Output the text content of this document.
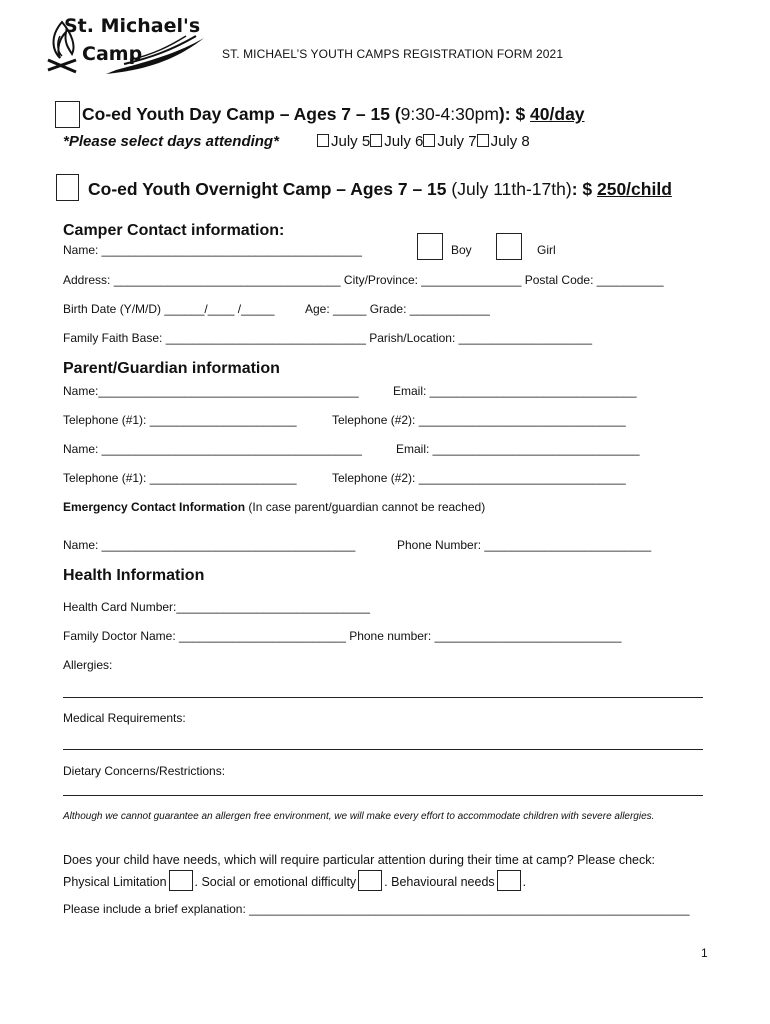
St. Michael's
Camp	ST. MICHAEL’S YOUTH CAMPS REGISTRATION FORM 2021
Co-ed Youth Day Camp – Ages 7 – 15 (9:30-4:30pm): $ 40/day
*Please select days attending*	July 5 July 6 July 7 July 8
Co-ed Youth Overnight Camp – Ages 7 – 15 (July 11th-17th): $ 250/child
Camper Contact information:
Name: _______________________________________	Boy	Girl
Address: __________________________________ City/Province: _______________ Postal Code: __________
Birth Date (Y/M/D) ______/____ /_____	Age: _____ Grade: ____________
Family Faith Base: ______________________________ Parish/Location: ____________________
Parent/Guardian information
Name:_______________________________________	Email: _______________________________
Telephone (#1): ______________________	Telephone (#2): _______________________________
Name: _______________________________________	Email: _______________________________
Telephone (#1): ______________________	Telephone (#2): _______________________________
Emergency Contact Information (In case parent/guardian cannot be reached)
Name: ______________________________________	Phone Number: _________________________
Health Information
Health Card Number:_____________________________
Family Doctor Name: _________________________ Phone number: ____________________________
Allergies:
Medical Requirements:
Dietary Concerns/Restrictions:
Although we cannot guarantee an allergen free environment, we will make every effort to accommodate children with severe allergies.
Does your child have needs, which will require particular attention during their time at camp? Please check:
Physical Limitation . Social or emotional difficulty . Behavioural needs .
Please include a brief explanation: __________________________________________________________________
1
